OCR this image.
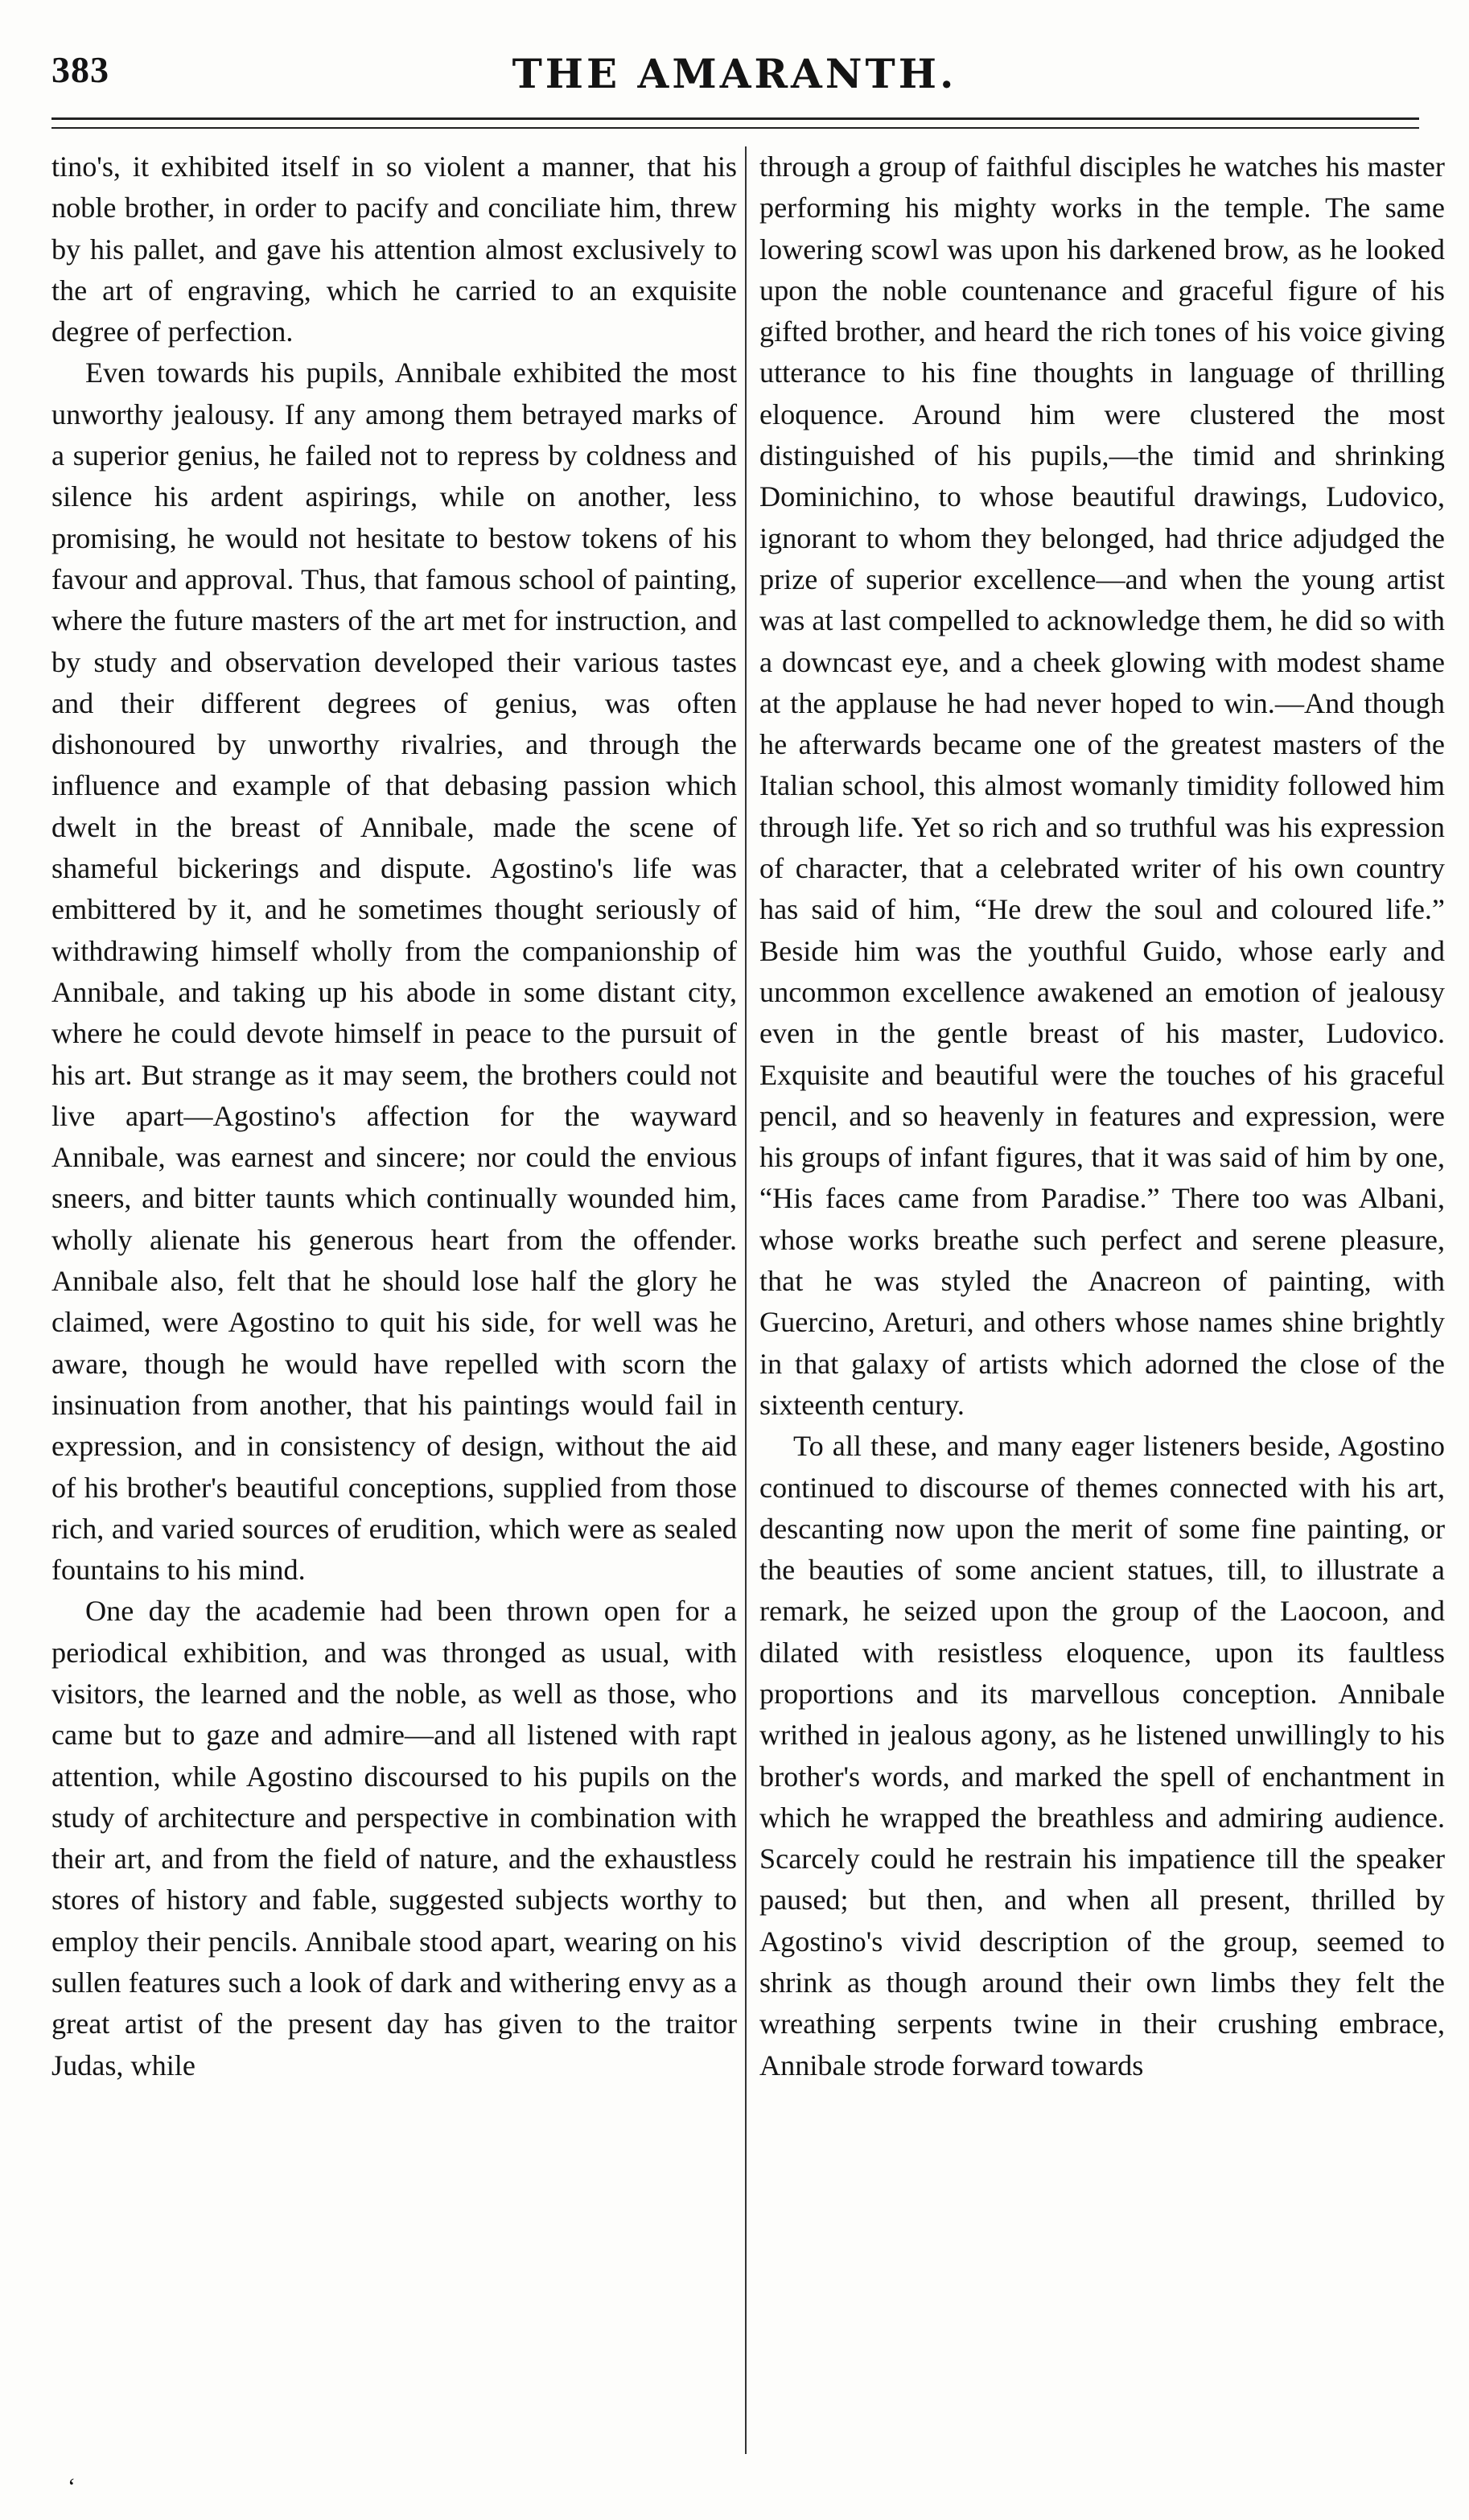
383	THE AMARANTH.

tino's, it exhibited itself in so violent a manner, that his noble brother, in order to pacify and conciliate him, threw by his pallet, and gave his attention almost exclusively to the art of engraving, which he carried to an exquisite degree of perfection.

Even towards his pupils, Annibale exhibited the most unworthy jealousy. If any among them betrayed marks of a superior genius, he failed not to repress by coldness and silence his ardent aspirings, while on another, less promising, he would not hesitate to bestow tokens of his favour and approval. Thus, that famous school of painting, where the future masters of the art met for instruction, and by study and observation developed their various tastes and their different degrees of genius, was often dishonoured by unworthy rivalries, and through the influence and example of that debasing passion which dwelt in the breast of Annibale, made the scene of shameful bickerings and dispute. Agostino's life was embittered by it, and he sometimes thought seriously of withdrawing himself wholly from the companionship of Annibale, and taking up his abode in some distant city, where he could devote himself in peace to the pursuit of his art. But strange as it may seem, the brothers could not live apart—Agostino's affection for the wayward Annibale, was earnest and sincere; nor could the envious sneers, and bitter taunts which continually wounded him, wholly alienate his generous heart from the offender. Annibale also, felt that he should lose half the glory he claimed, were Agostino to quit his side, for well was he aware, though he would have repelled with scorn the insinuation from another, that his paintings would fail in expression, and in consistency of design, without the aid of his brother's beautiful conceptions, supplied from those rich, and varied sources of erudition, which were as sealed fountains to his mind.

One day the academie had been thrown open for a periodical exhibition, and was thronged as usual, with visitors, the learned and the noble, as well as those, who came but to gaze and admire—and all listened with rapt attention, while Agostino discoursed to his pupils on the study of architecture and perspective in combination with their art, and from the field of nature, and the exhaustless stores of history and fable, suggested subjects worthy to employ their pencils. Annibale stood apart, wearing on his sullen features such a look of dark and withering envy as a great artist of the present day has given to the traitor Judas, while

through a group of faithful disciples he watches his master performing his mighty works in the temple. The same lowering scowl was upon his darkened brow, as he looked upon the noble countenance and graceful figure of his gifted brother, and heard the rich tones of his voice giving utterance to his fine thoughts in language of thrilling eloquence. Around him were clustered the most distinguished of his pupils,—the timid and shrinking Dominichino, to whose beautiful drawings, Ludovico, ignorant to whom they belonged, had thrice adjudged the prize of superior excellence—and when the young artist was at last compelled to acknowledge them, he did so with a downcast eye, and a cheek glowing with modest shame at the applause he had never hoped to win.—And though he afterwards became one of the greatest masters of the Italian school, this almost womanly timidity followed him through life. Yet so rich and so truthful was his expression of character, that a celebrated writer of his own country has said of him, “He drew the soul and coloured life.” Beside him was the youthful Guido, whose early and uncommon excellence awakened an emotion of jealousy even in the gentle breast of his master, Ludovico. Exquisite and beautiful were the touches of his graceful pencil, and so heavenly in features and expression, were his groups of infant figures, that it was said of him by one, “His faces came from Paradise.” There too was Albani, whose works breathe such perfect and serene pleasure, that he was styled the Anacreon of painting, with Guercino, Areturi, and others whose names shine brightly in that galaxy of artists which adorned the close of the sixteenth century.

To all these, and many eager listeners beside, Agostino continued to discourse of themes connected with his art, descanting now upon the merit of some fine painting, or the beauties of some ancient statues, till, to illustrate a remark, he seized upon the group of the Laocoon, and dilated with resistless eloquence, upon its faultless proportions and its marvellous conception. Annibale writhed in jealous agony, as he listened unwillingly to his brother's words, and marked the spell of enchantment in which he wrapped the breathless and admiring audience. Scarcely could he restrain his impatience till the speaker paused; but then, and when all present, thrilled by Agostino's vivid description of the group, seemed to shrink as though around their own limbs they felt the wreathing serpents twine in their crushing embrace, Annibale strode forward towards

‘
